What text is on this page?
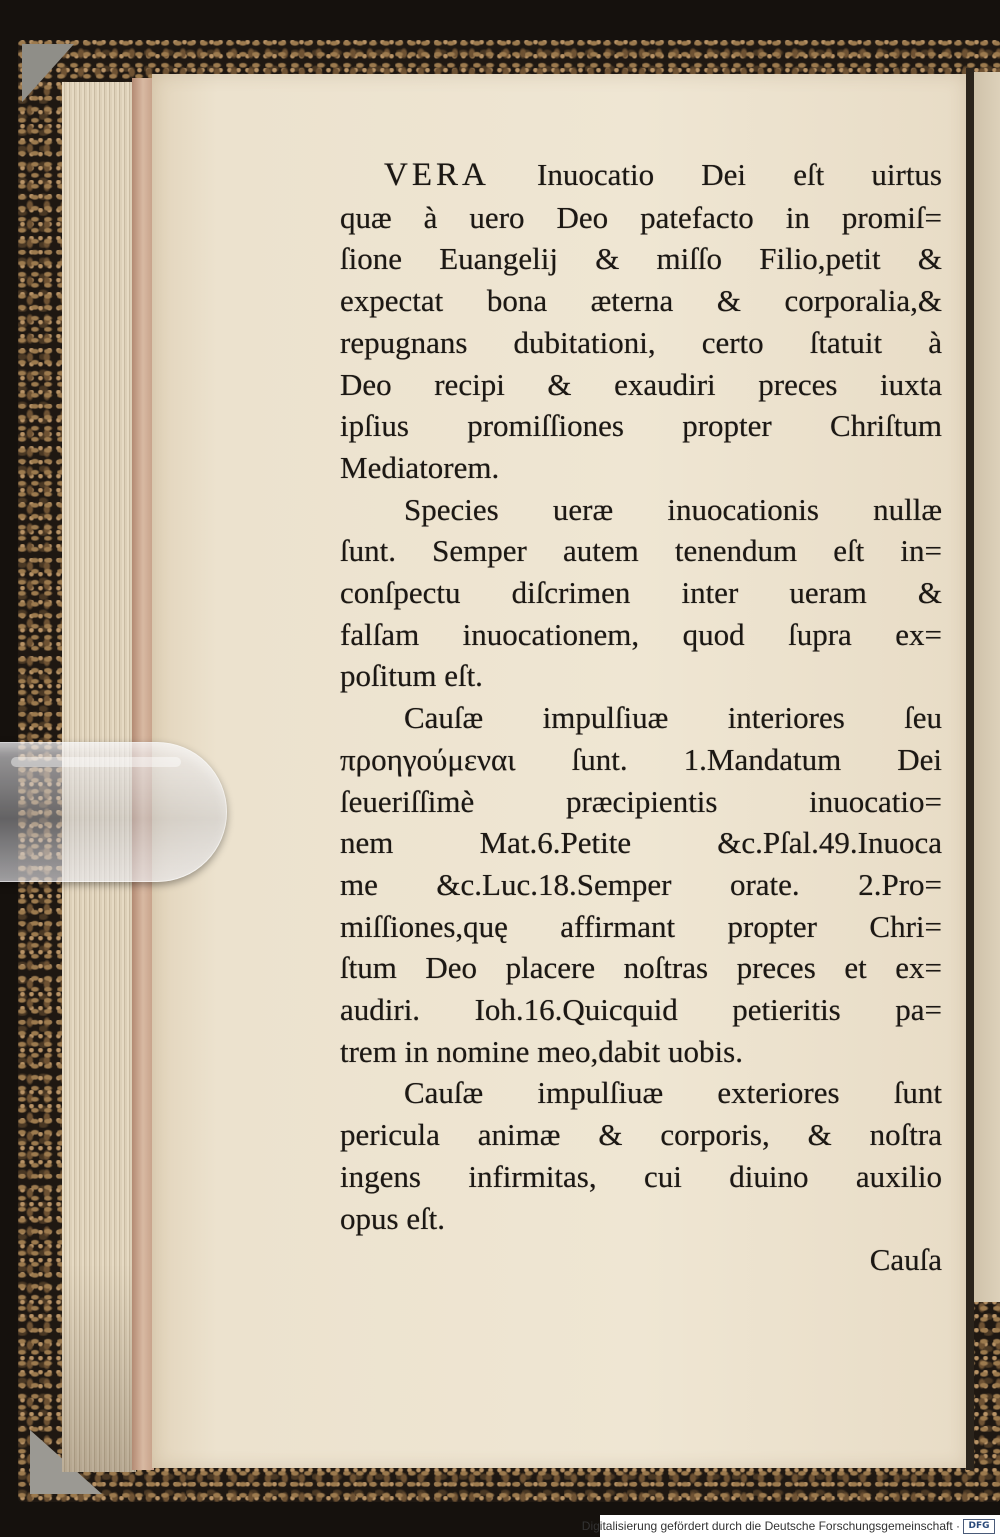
VERA Inuocatio Dei eſt uirtus
quæ à uero Deo patefacto in promiſ=
ſione Euangelij & miſſo Filio,petit &
expectat bona æterna & corporalia,&
repugnans dubitationi, certo ſtatuit à
Deo recipi & exaudiri preces iuxta
ipſius promiſſiones propter Chriſtum
Mediatorem.
Species ueræ inuocationis nullæ
ſunt. Semper autem tenendum eſt in=
conſpectu diſcrimen inter ueram &
falſam inuocationem, quod ſupra ex=
poſitum eſt.
Cauſæ impulſiuæ interiores ſeu
προηγούμεναι ſunt. 1.Mandatum Dei
ſeueriſſimè præcipientis inuocatio=
nem Mat.6.Petite &c.Pſal.49.Inuoca
me &c.Luc.18.Semper orate. 2.Pro=
miſſiones,quę affirmant propter Chri=
ſtum Deo placere noſtras preces et ex=
audiri. Ioh.16.Quicquid petieritis pa=
trem in nomine meo,dabit uobis.
Cauſæ impulſiuæ exteriores ſunt
pericula animæ & corporis, & noſtra
ingens infirmitas, cui diuino auxilio
opus eſt.
Cauſa
Digitalisierung gefördert durch die Deutsche Forschungsgemeinschaft · DFG
